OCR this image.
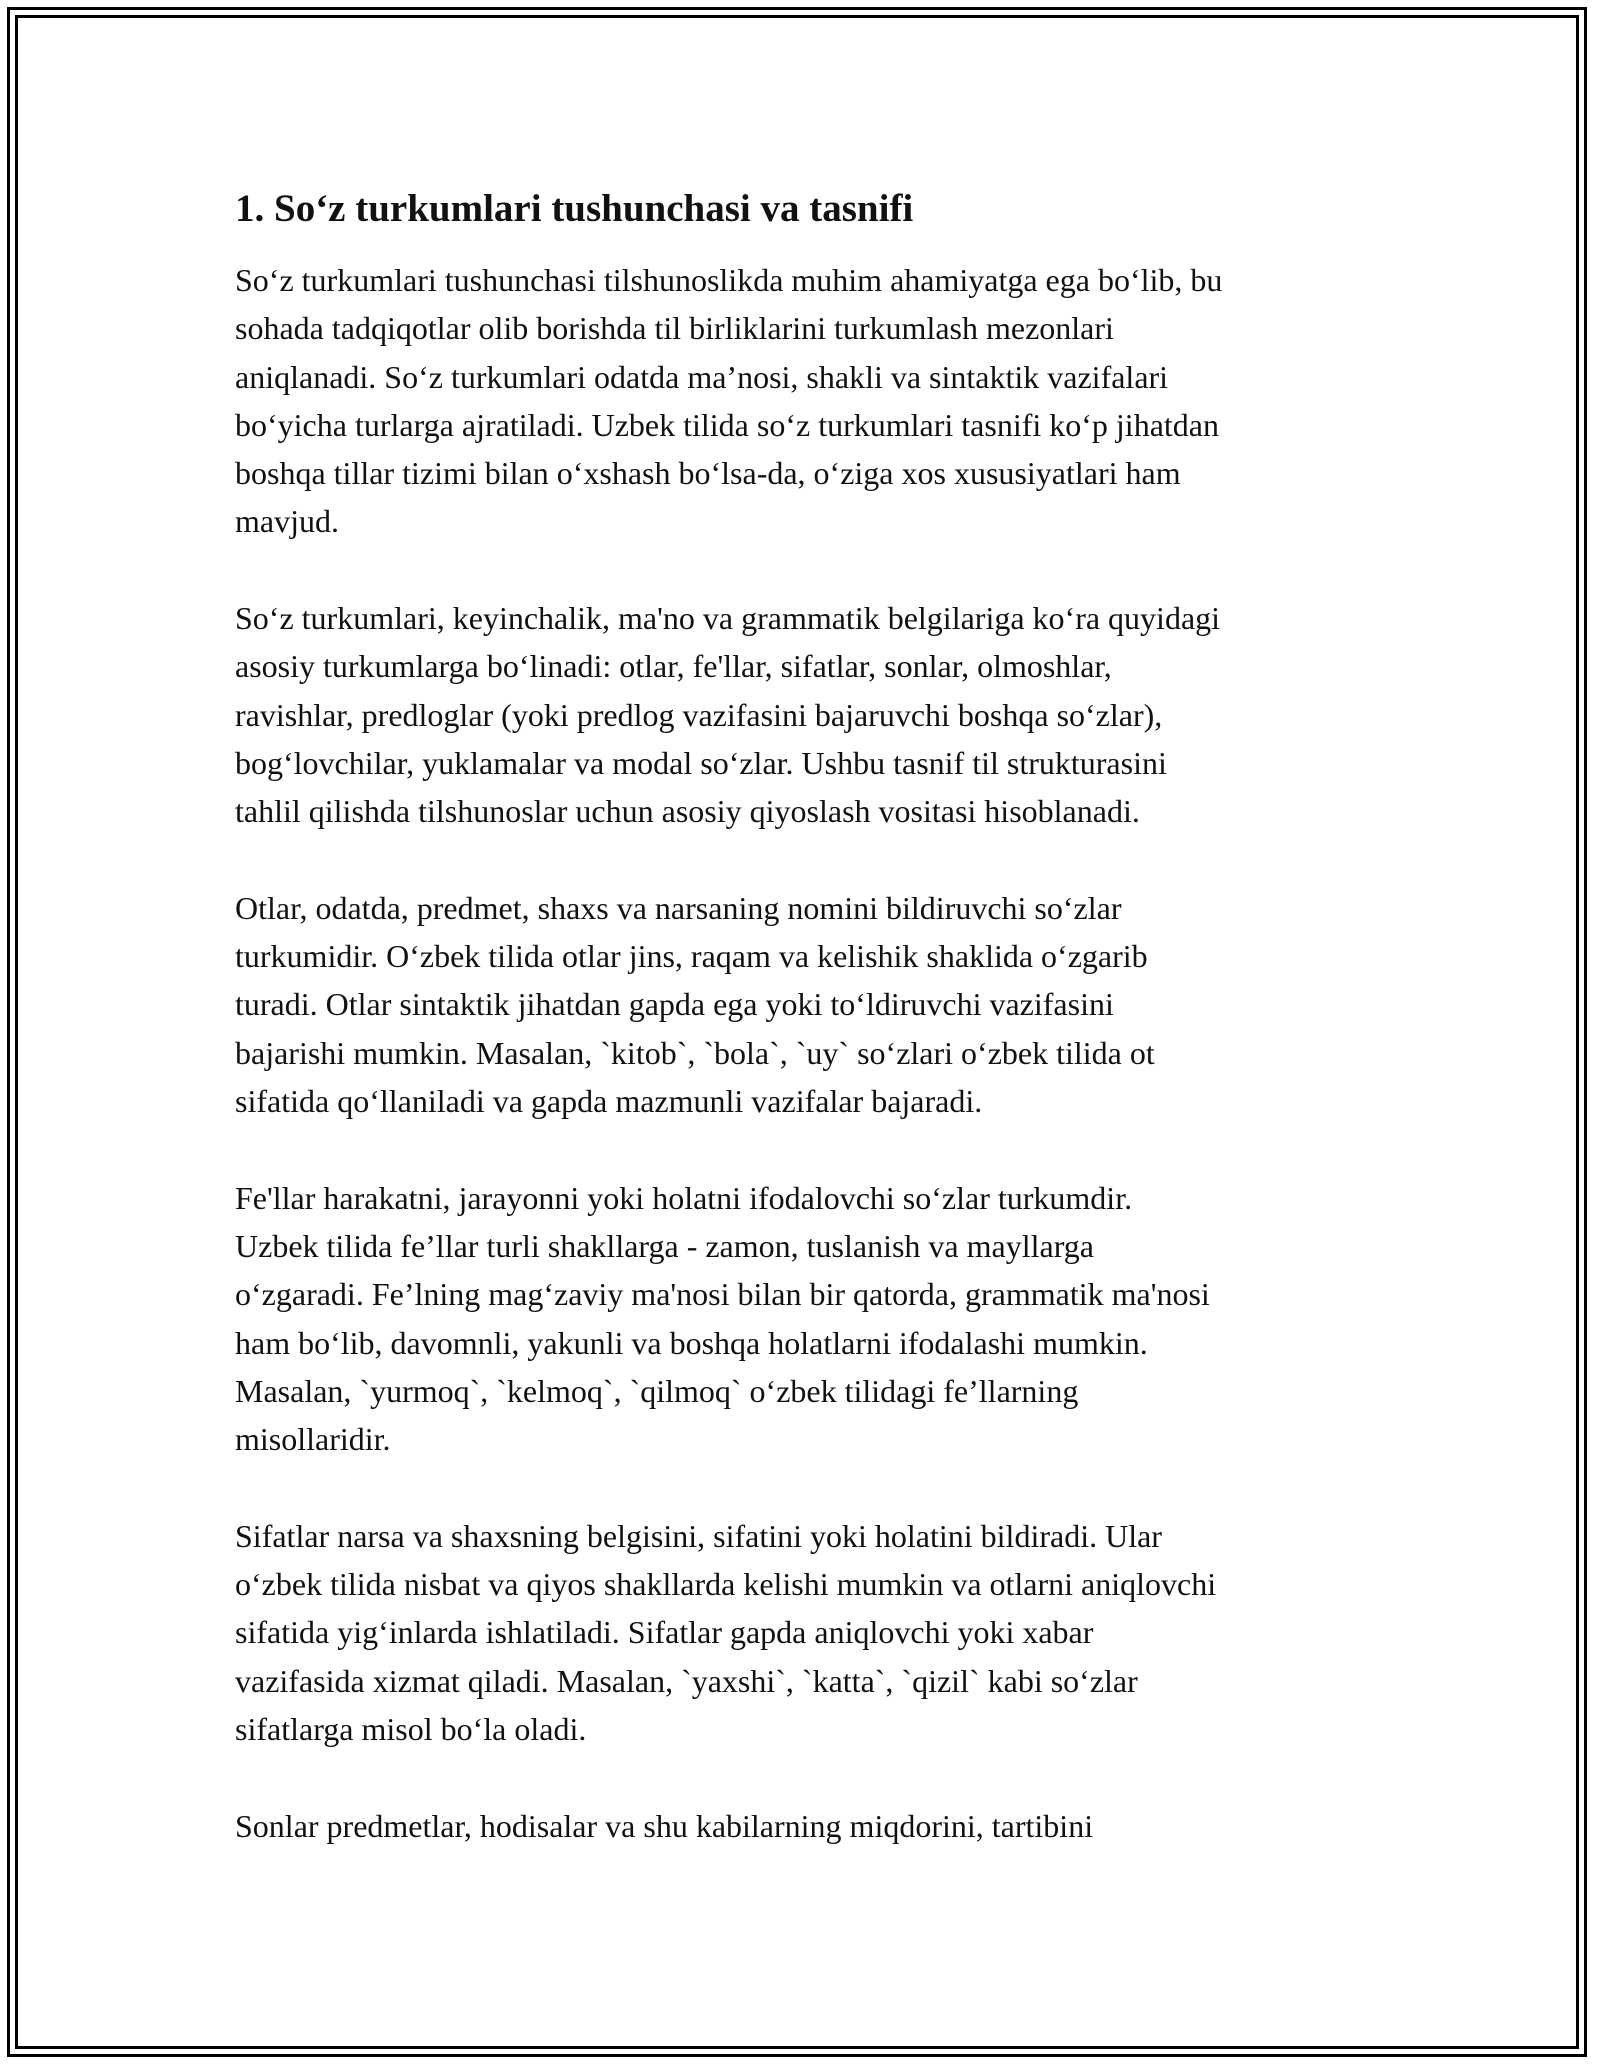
1. So‘z turkumlari tushunchasi va tasnifi

So‘z turkumlari tushunchasi tilshunoslikda muhim ahamiyatga ega bo‘lib, bu
sohada tadqiqotlar olib borishda til birliklarini turkumlash mezonlari
aniqlanadi. So‘z turkumlari odatda ma’nosi, shakli va sintaktik vazifalari
bo‘yicha turlarga ajratiladi. Uzbek tilida so‘z turkumlari tasnifi ko‘p jihatdan
boshqa tillar tizimi bilan o‘xshash bo‘lsa-da, o‘ziga xos xususiyatlari ham
mavjud.

So‘z turkumlari, keyinchalik, ma'no va grammatik belgilariga ko‘ra quyidagi
asosiy turkumlarga bo‘linadi: otlar, fe'llar, sifatlar, sonlar, olmoshlar,
ravishlar, predloglar (yoki predlog vazifasini bajaruvchi boshqa so‘zlar),
bog‘lovchilar, yuklamalar va modal so‘zlar. Ushbu tasnif til strukturasini
tahlil qilishda tilshunoslar uchun asosiy qiyoslash vositasi hisoblanadi.

Otlar, odatda, predmet, shaxs va narsaning nomini bildiruvchi so‘zlar
turkumidir. O‘zbek tilida otlar jins, raqam va kelishik shaklida o‘zgarib
turadi. Otlar sintaktik jihatdan gapda ega yoki to‘ldiruvchi vazifasini
bajarishi mumkin. Masalan, `kitob`, `bola`, `uy` so‘zlari o‘zbek tilida ot
sifatida qo‘llaniladi va gapda mazmunli vazifalar bajaradi.

Fe'llar harakatni, jarayonni yoki holatni ifodalovchi so‘zlar turkumdir.
Uzbek tilida fe’llar turli shakllarga - zamon, tuslanish va mayllarga
o‘zgaradi. Fe’lning mag‘zaviy ma'nosi bilan bir qatorda, grammatik ma'nosi
ham bo‘lib, davomnli, yakunli va boshqa holatlarni ifodalashi mumkin.
Masalan, `yurmoq`, `kelmoq`, `qilmoq` o‘zbek tilidagi fe’llarning
misollaridir.

Sifatlar narsa va shaxsning belgisini, sifatini yoki holatini bildiradi. Ular
o‘zbek tilida nisbat va qiyos shakllarda kelishi mumkin va otlarni aniqlovchi
sifatida yig‘inlarda ishlatiladi. Sifatlar gapda aniqlovchi yoki xabar
vazifasida xizmat qiladi. Masalan, `yaxshi`, `katta`, `qizil` kabi so‘zlar
sifatlarga misol bo‘la oladi.

Sonlar predmetlar, hodisalar va shu kabilarning miqdorini, tartibini
